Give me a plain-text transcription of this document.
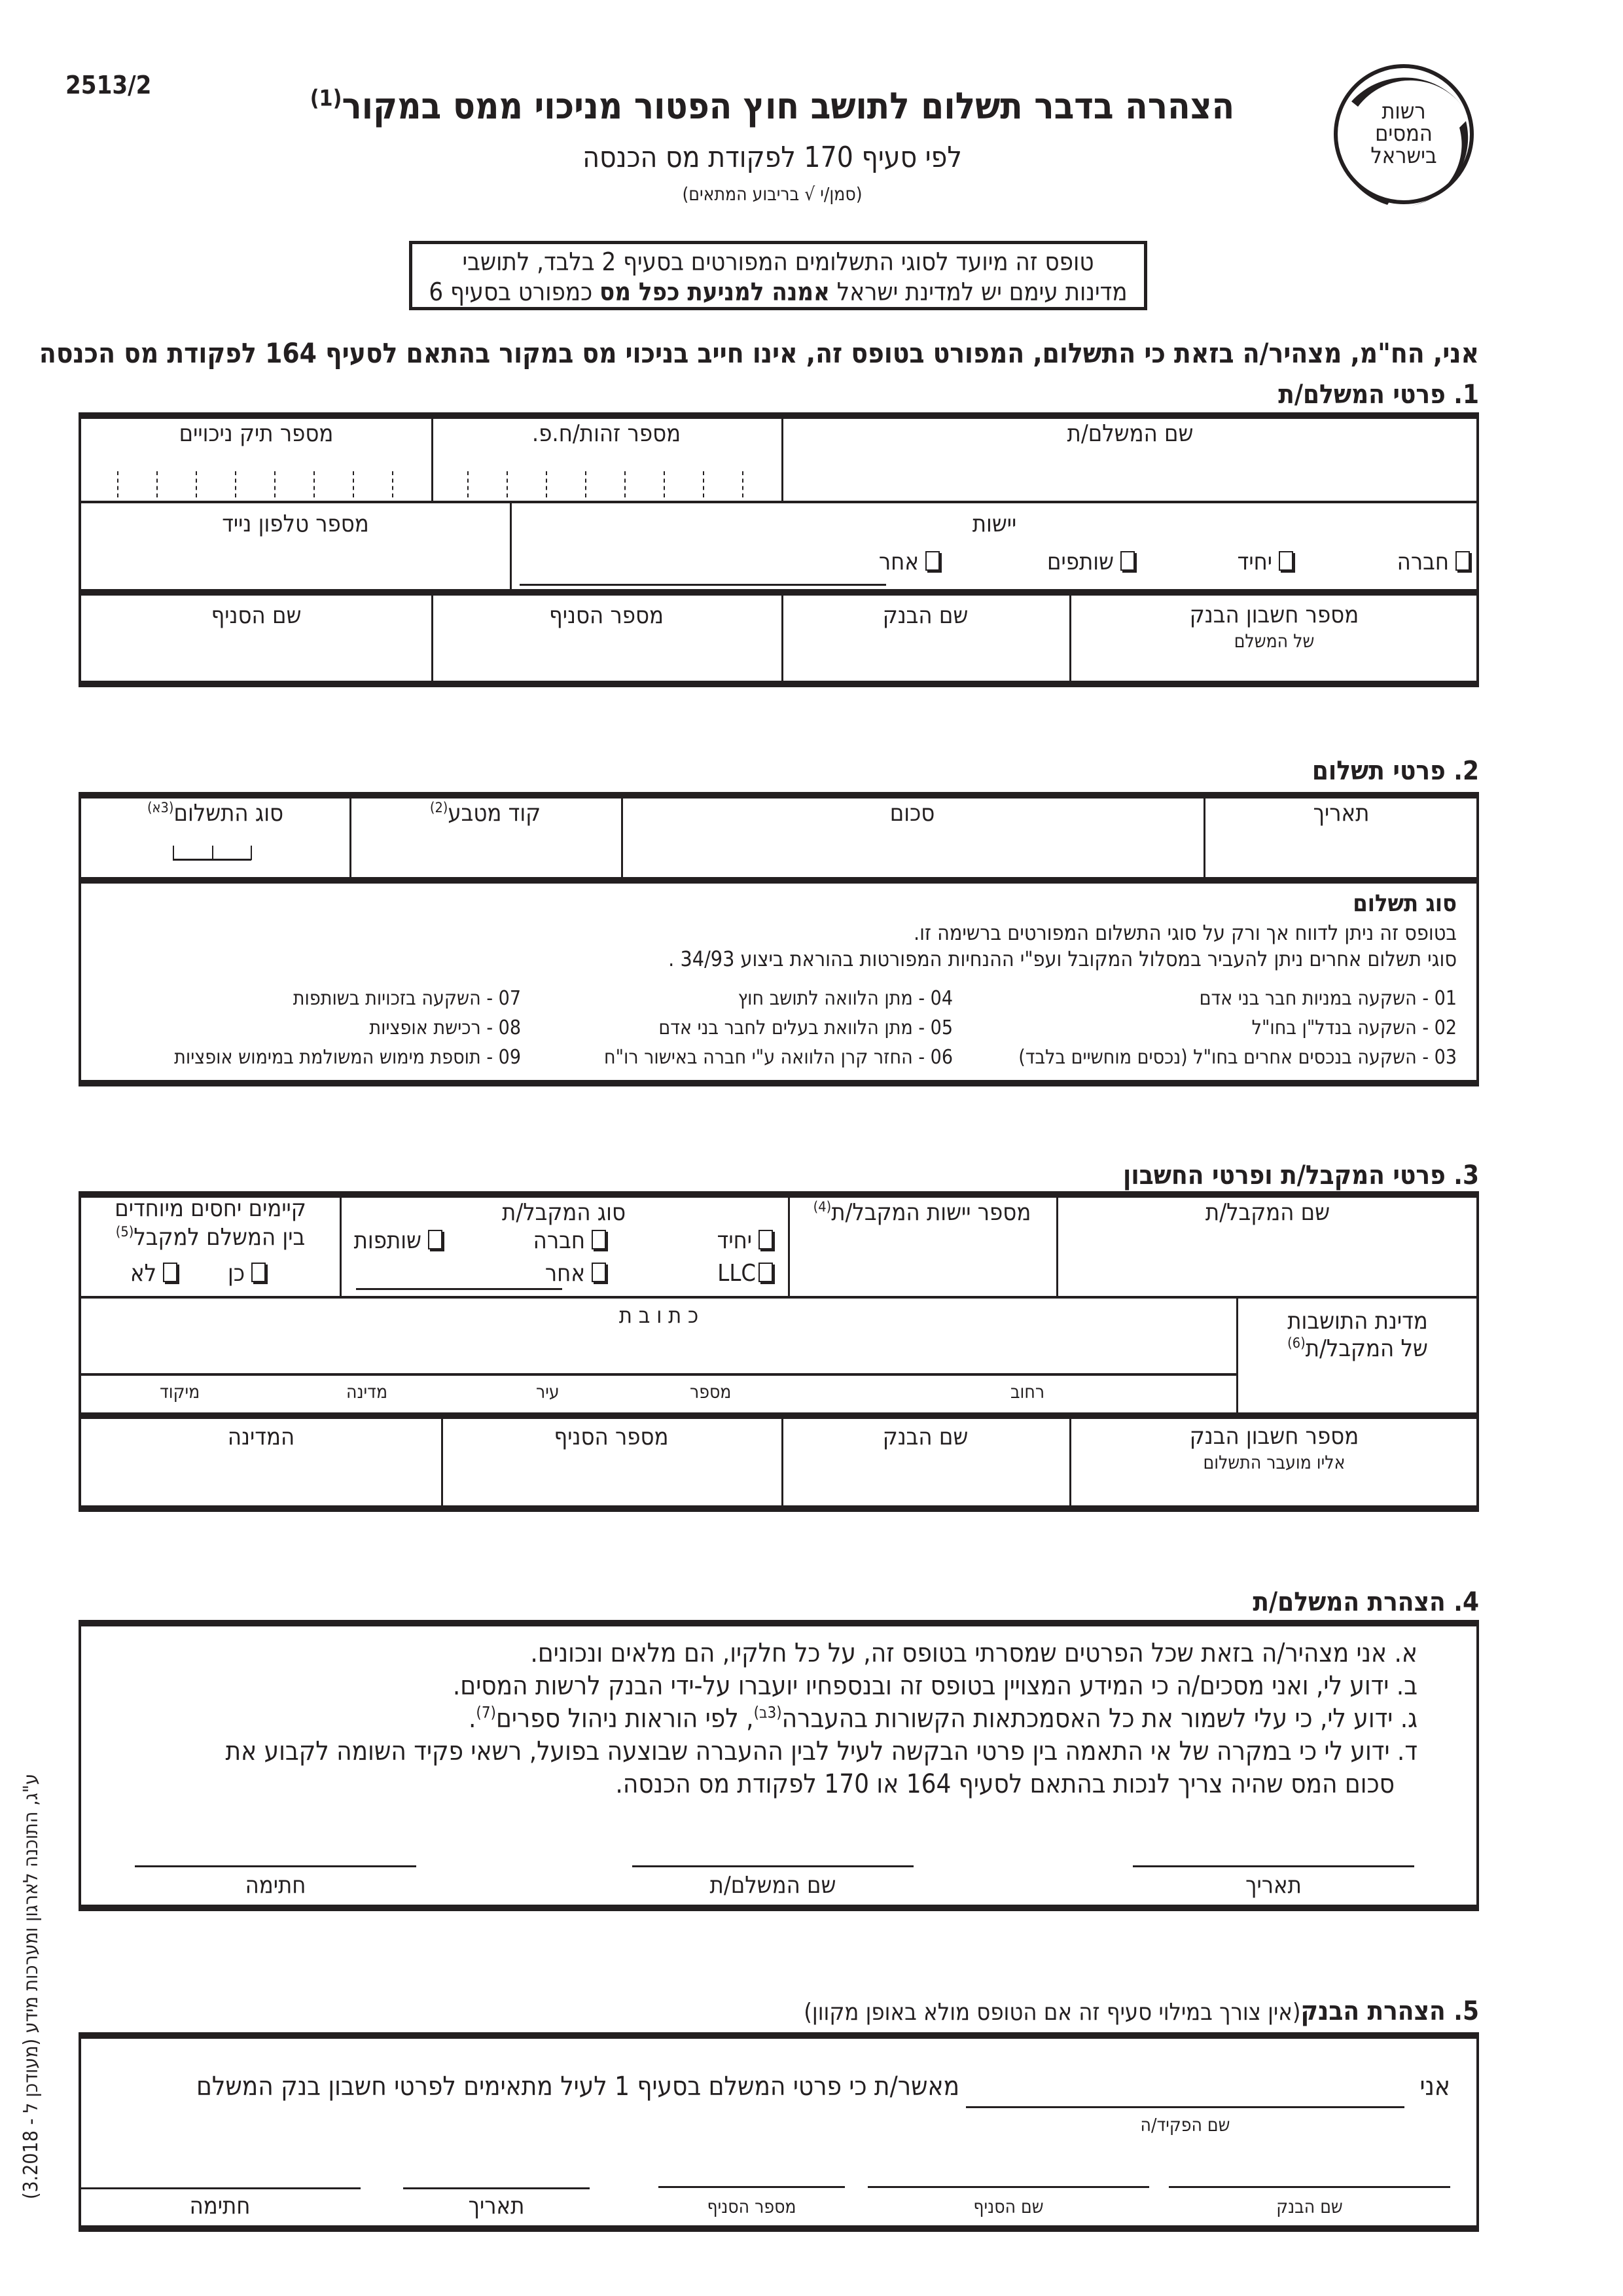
2513/2
רשות
המסים
בישראל
הצהרה בדבר תשלום לתושב חוץ הפטור מניכוי ממס במקור$^{(1)}$
לפי סעיף 170 לפקודת מס הכנסה
(סמן/י √ בריבוע המתאים)
טופס זה מיועד לסוגי התשלומים המפורטים בסעיף 2 בלבד, לתושבי
מדינות עימם יש למדינת ישראל אמנה למניעת כפל מס כמפורט בסעיף 6
אני, הח"מ, מצהיר/ה בזאת כי התשלום, המפורט בטופס זה, אינו חייב בניכוי מס במקור בהתאם לסעיף 164 לפקודת מס הכנסה
1. פרטי המשלם/ת
שם המשלם/ת
מספר זהות/ח.פ.
מספר תיק ניכויים
יישות
חברה
יחיד
שותפים
אחר
מספר טלפון נייד
מספר חשבון הבנק
של המשלם
שם הבנק
מספר הסניף
שם הסניף
2. פרטי תשלום
תאריך
סכום
קוד מטבע$^{(2)}$
סוג התשלום$^{(3א)}$
סוג תשלום
בטופס זה ניתן לדווח אך ורק על סוגי התשלום המפורטים ברשימה זו.
סוגי תשלום אחרים ניתן להעביר במסלול המקובל ועפ"י ההנחיות המפורטות בהוראת ביצוע 34/93 .
01 - השקעה במניות חבר בני אדם
02 - השקעה בנדל"ן בחו"ל
03 - השקעה בנכסים אחרים בחו"ל (נכסים מוחשיים בלבד)
04 - מתן הלוואה לתושב חוץ
05 - מתן הלוואת בעלים לחבר בני אדם
06 - החזר קרן הלוואה ע"י חברה באישור רו"ח
07 - השקעה בזכויות בשותפות
08 - רכישת אופציות
09 - תוספת מימוש המשולמת במימוש אופציות
3. פרטי המקבל/ת ופרטי החשבון
שם המקבל/ת
מספר יישות המקבל/ת$^{(4)}$
סוג המקבל/ת
יחיד
חברה
שותפות
LLC
אחר
קיימים יחסים מיוחדים
בין המשלם למקבל$^{(5)}$
כן
לא
כ ת ו ב ת
רחוב
מספר
עיר
מדינה
מיקוד
מדינת התושבות
של המקבל/ת$^{(6)}$
מספר חשבון הבנק
אליו מועבר התשלום
שם הבנק
מספר הסניף
המדינה
4. הצהרת המשלם/ת
א. אני מצהיר/ה בזאת שכל הפרטים שמסרתי בטופס זה, על כל חלקיו, הם מלאים ונכונים.
ב. ידוע לי, ואני מסכים/ה כי המידע המצויין בטופס זה ובנספחיו יועברו על-ידי הבנק לרשות המסים.
ג. ידוע לי, כי עלי לשמור את כל האסמכתאות הקשורות בהעברה$^{(3ב)}$, לפי הוראות ניהול ספרים$^{(7)}$.
ד. ידוע לי כי במקרה של אי התאמה בין פרטי הבקשה לעיל לבין ההעברה שבוצעה בפועל, רשאי פקיד השומה לקבוע את
סכום המס שהיה צריך לנכות בהתאם לסעיף 164 או 170 לפקודת מס הכנסה.
תאריך
שם המשלם/ת
חתימה
5. הצהרת הבנק(אין צורך במילוי סעיף זה אם הטופס מולא באופן מקוון)
אני
שם הפקיד/ה
מאשר/ת כי פרטי המשלם בסעיף 1 לעיל מתאימים לפרטי חשבון בנק המשלם
שם הבנק
שם הסניף
מספר הסניף
תאריך
חתימה
ע"ג, התוכנה לארגון ומערכות מידע (מעודכן ל - 3.2018)
